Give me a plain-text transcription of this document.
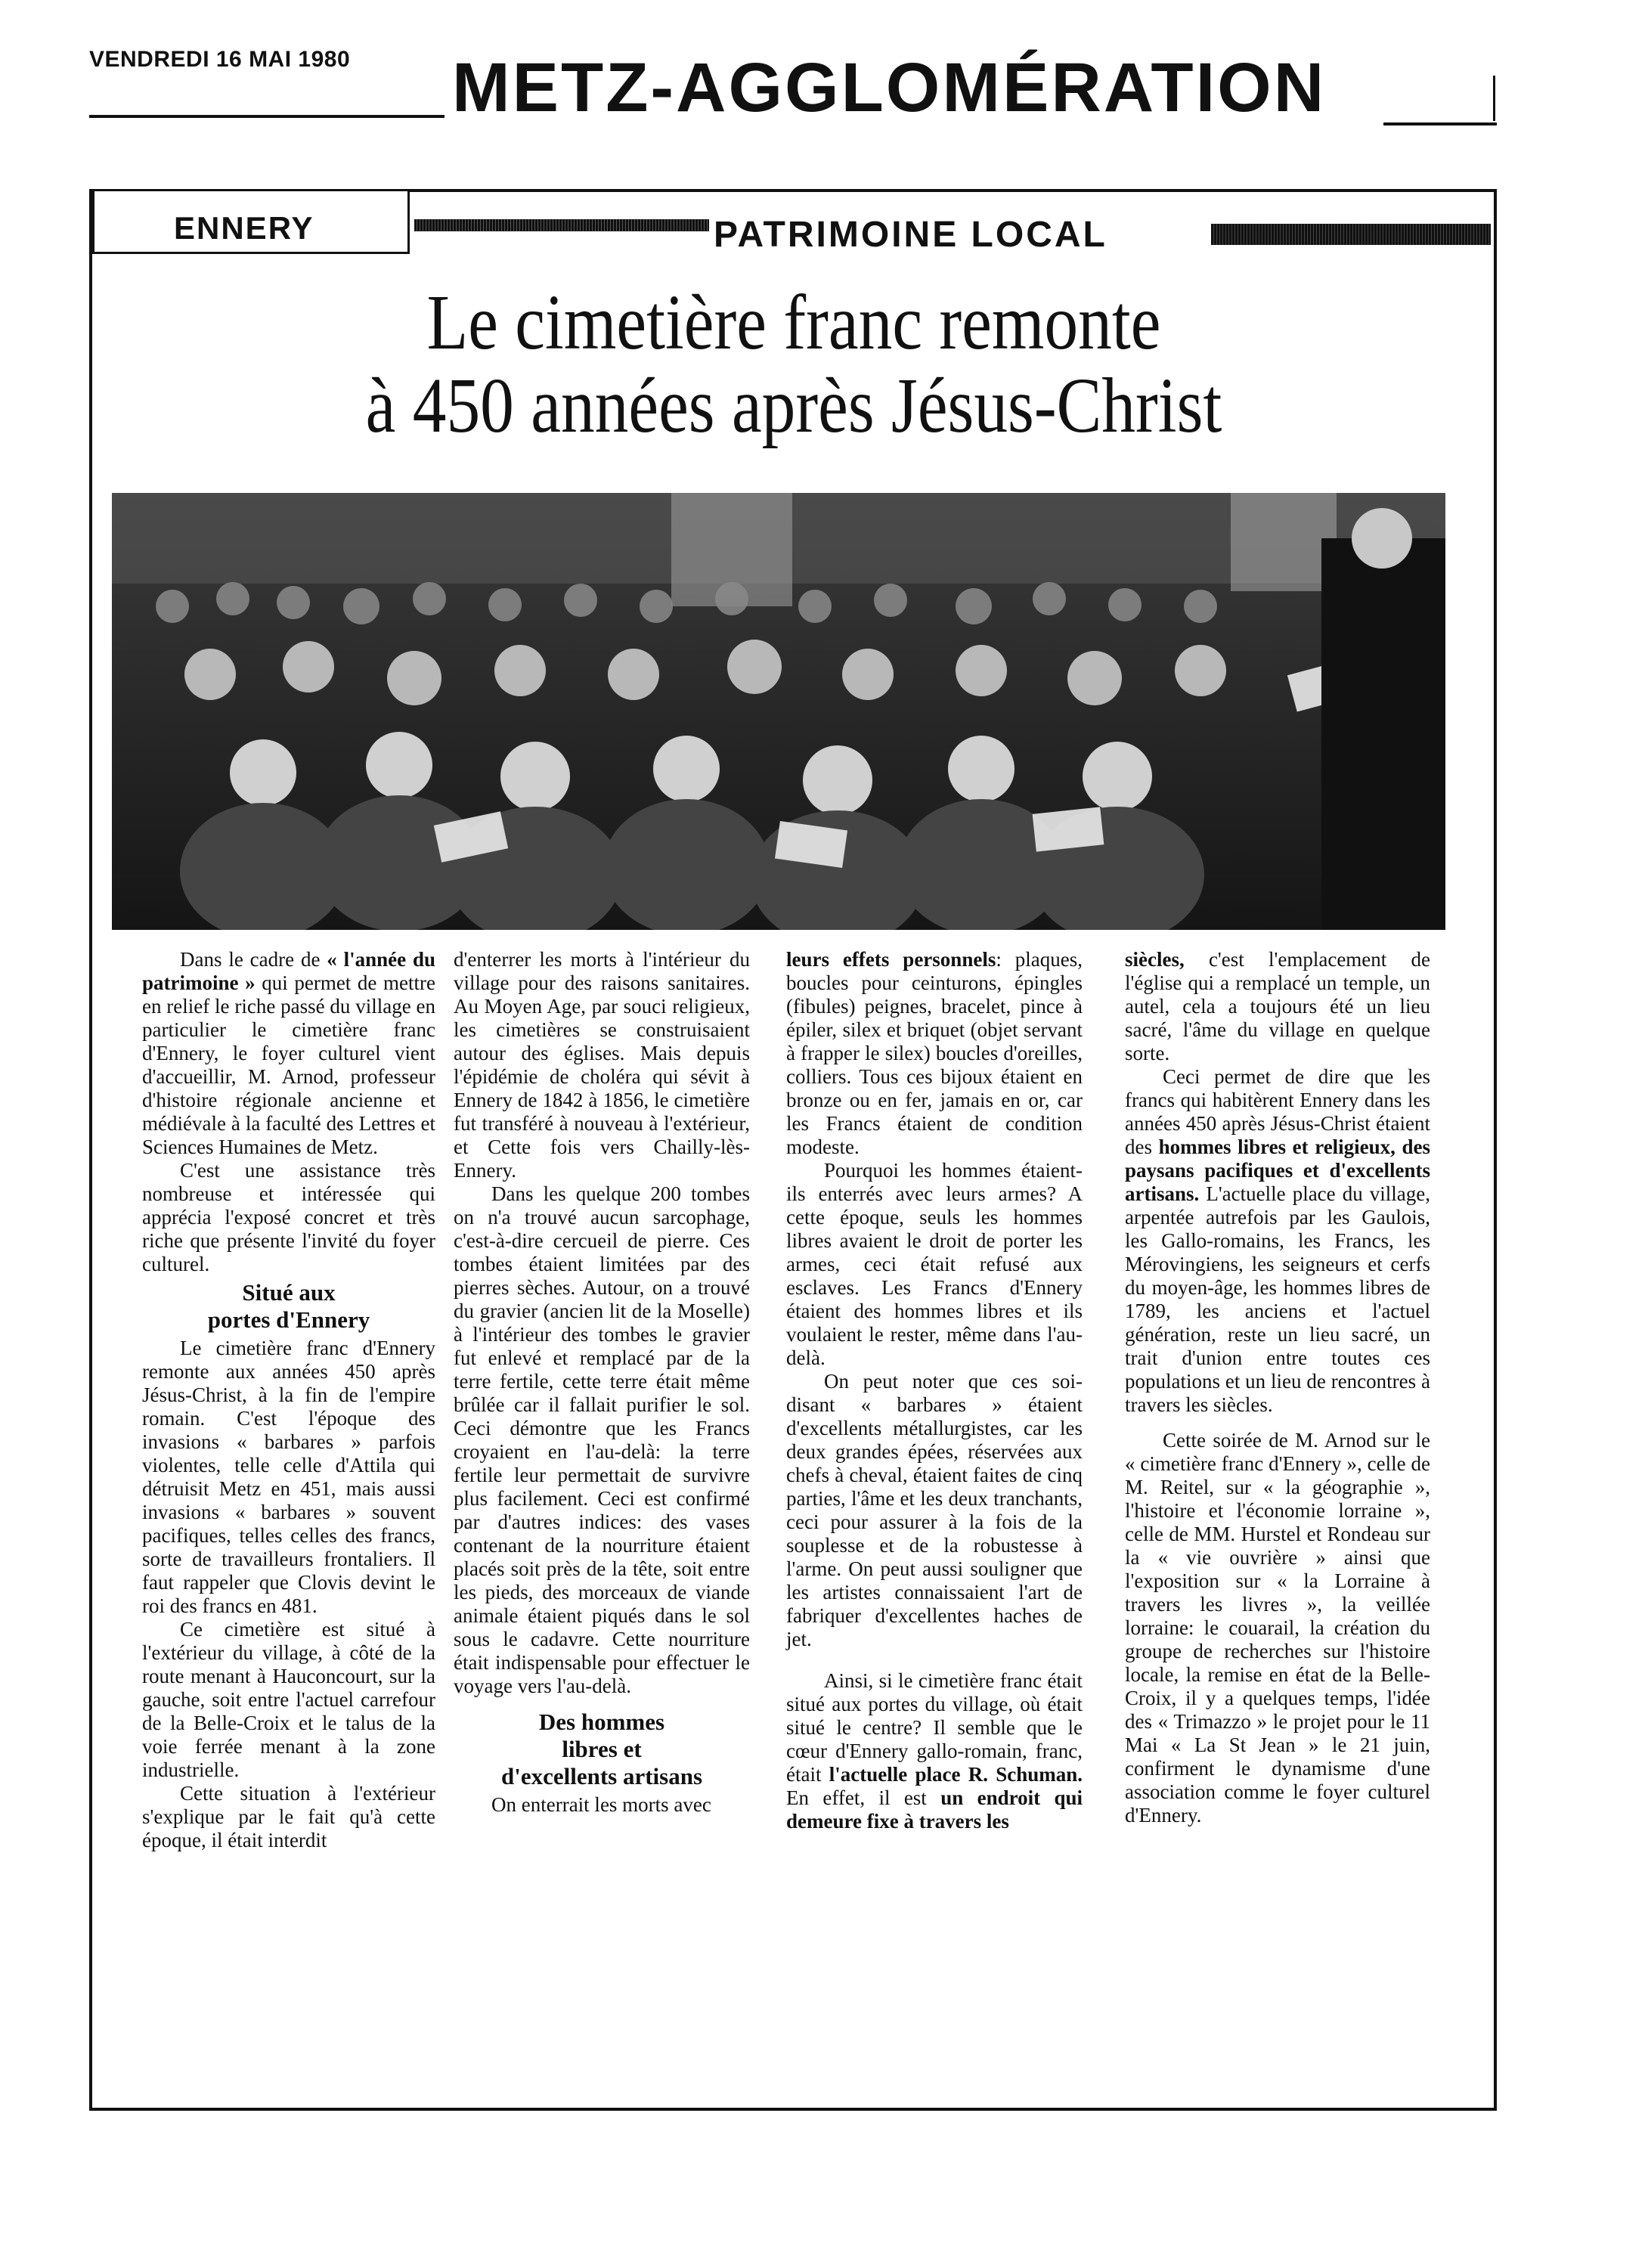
VENDREDI 16 MAI 1980 METZ-AGGLOMÉRATION
ENNERY	PATRIMOINE LOCAL
Le cimetière franc remonte
à 450 années après Jésus-Christ

Dans le cadre de « l'année du patrimoine » qui permet de mettre en relief le riche passé du village en particulier le cimetière franc d'Ennery, le foyer culturel vient d'accueillir, M. Arnod, professeur d'histoire régionale ancienne et médiévale à la faculté des Lettres et Sciences Humaines de Metz.

C'est une assistance très nombreuse et intéressée qui apprécia l'exposé concret et très riche que présente l'invité du foyer culturel.

Situé aux
portes d'Ennery

Le cimetière franc d'Ennery remonte aux années 450 après Jésus-Christ, à la fin de l'empire romain. C'est l'époque des invasions « barbares » parfois violentes, telle celle d'Attila qui détruisit Metz en 451, mais aussi invasions « barbares » souvent pacifiques, telles celles des francs, sorte de travailleurs frontaliers. Il faut rappeler que Clovis devint le roi des francs en 481.

Ce cimetière est situé à l'extérieur du village, à côté de la route menant à Hauconcourt, sur la gauche, soit entre l'actuel carrefour de la Belle-Croix et le talus de la voie ferrée menant à la zone industrielle.

Cette situation à l'extérieur s'explique par le fait qu'à cette époque, il était interdit

d'enterrer les morts à l'intérieur du village pour des raisons sanitaires. Au Moyen Age, par souci religieux, les cimetières se construisaient autour des églises. Mais depuis l'épidémie de choléra qui sévit à Ennery de 1842 à 1856, le cimetière fut transféré à nouveau à l'extérieur, et Cette fois vers Chailly-lès-Ennery.

Dans les quelque 200 tombes on n'a trouvé aucun sarcophage, c'est-à-dire cercueil de pierre. Ces tombes étaient limitées par des pierres sèches. Autour, on a trouvé du gravier (ancien lit de la Moselle) à l'intérieur des tombes le gravier fut enlevé et remplacé par de la terre fertile, cette terre était même brûlée car il fallait purifier le sol. Ceci démontre que les Francs croyaient en l'au-delà: la terre fertile leur permettait de survivre plus facilement. Ceci est confirmé par d'autres indices: des vases contenant de la nourriture étaient placés soit près de la tête, soit entre les pieds, des morceaux de viande animale étaient piqués dans le sol sous le cadavre. Cette nourriture était indispensable pour effectuer le voyage vers l'au-delà.

Des hommes
libres et
d'excellents artisans

On enterrait les morts avec

leurs effets personnels: plaques, boucles pour ceinturons, épingles (fibules) peignes, bracelet, pince à épiler, silex et briquet (objet servant à frapper le silex) boucles d'oreilles, colliers. Tous ces bijoux étaient en bronze ou en fer, jamais en or, car les Francs étaient de condition modeste.

Pourquoi les hommes étaient-ils enterrés avec leurs armes? A cette époque, seuls les hommes libres avaient le droit de porter les armes, ceci était refusé aux esclaves. Les Francs d'Ennery étaient des hommes libres et ils voulaient le rester, même dans l'au-delà.

On peut noter que ces soi-disant « barbares » étaient d'excellents métallurgistes, car les deux grandes épées, réservées aux chefs à cheval, étaient faites de cinq parties, l'âme et les deux tranchants, ceci pour assurer à la fois de la souplesse et de la robustesse à l'arme. On peut aussi souligner que les artistes connaissaient l'art de fabriquer d'excellentes haches de jet.

Ainsi, si le cimetière franc était situé aux portes du village, où était situé le centre? Il semble que le cœur d'Ennery gallo-romain, franc, était l'actuelle place R. Schuman. En effet, il est un endroit qui demeure fixe à travers les

siècles, c'est l'emplacement de l'église qui a remplacé un temple, un autel, cela a toujours été un lieu sacré, l'âme du village en quelque sorte.

Ceci permet de dire que les francs qui habitèrent Ennery dans les années 450 après Jésus-Christ étaient des hommes libres et religieux, des paysans pacifiques et d'excellents artisans. L'actuelle place du village, arpentée autrefois par les Gaulois, les Gallo-romains, les Francs, les Mérovingiens, les seigneurs et cerfs du moyen-âge, les hommes libres de 1789, les anciens et l'actuel génération, reste un lieu sacré, un trait d'union entre toutes ces populations et un lieu de rencontres à travers les siècles.

Cette soirée de M. Arnod sur le « cimetière franc d'Ennery », celle de M. Reitel, sur « la géographie », l'histoire et l'économie lorraine », celle de MM. Hurstel et Rondeau sur la « vie ouvrière » ainsi que l'exposition sur « la Lorraine à travers les livres », la veillée lorraine: le couarail, la création du groupe de recherches sur l'histoire locale, la remise en état de la Belle-Croix, il y a quelques temps, l'idée des « Trimazzo » le projet pour le 11 Mai « La St Jean » le 21 juin, confirment le dynamisme d'une association comme le foyer culturel d'Ennery.
